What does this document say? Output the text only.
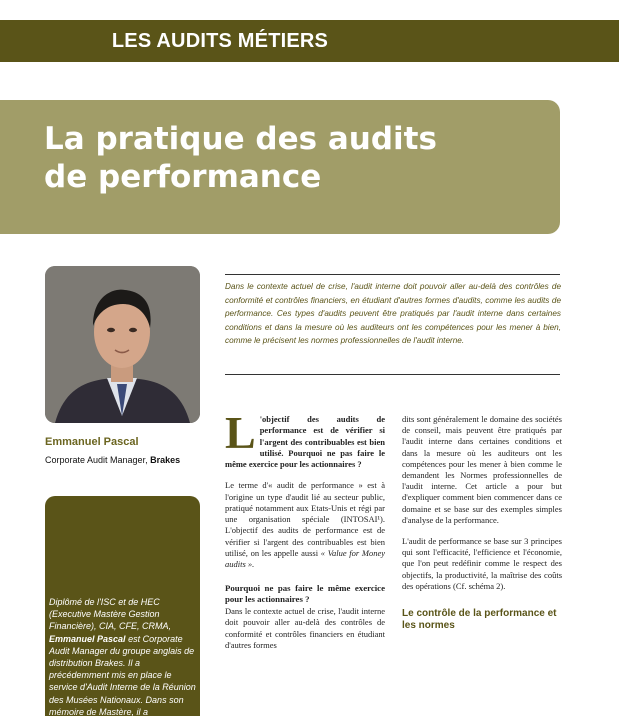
LES AUDITS MÉTIERS
La pratique des audits
de performance
Emmanuel Pascal
Corporate Audit Manager, Brakes
Diplômé de l'ISC et de HEC (Executive Mastère Gestion Financière), CIA, CFE, CRMA, Emmanuel Pascal est Corporate Audit Manager du groupe anglais de distribution Brakes. Il a précédemment mis en place le service d'Audit Interne de la Réunion des Musées Nationaux. Dans son mémoire de Mastère, il a
Dans le contexte actuel de crise, l'audit interne doit pouvoir aller au-delà des contrôles de conformité et contrôles financiers, en étudiant d'autres formes d'audits, comme les audits de performance. Ces types d'audits peuvent être pratiqués par l'audit interne dans certaines conditions et dans la mesure où les auditeurs ont les compétences pour les mener à bien, comme le précisent les normes professionnelles de l'audit interne.

L 'objectif des audits de performance est de vérifier si l'argent des contribuables est bien utilisé. Pourquoi ne pas faire le même exercice pour les actionnaires ?

Le terme d'« audit de performance » est à l'origine un type d'audit lié au secteur public, pratiqué notamment aux Etats-Unis et régi par une organisation spéciale (INTOSAI¹). L'objectif des audits de performance est de vérifier si l'argent des contribuables est bien utilisé, on les appelle aussi « Value for Money audits ».

Pourquoi ne pas faire le même exercice pour les actionnaires ?

Dans le contexte actuel de crise, l'audit interne doit pouvoir aller au-delà des contrôles de conformité et contrôles financiers en étudiant d'autres formes

dits sont généralement le domaine des sociétés de conseil, mais peuvent être pratiqués par l'audit interne dans certaines conditions et dans la mesure où les auditeurs ont les compétences pour les mener à bien comme le demandent les Normes professionnelles de l'audit interne. Cet article a pour but d'expliquer comment bien commencer dans ce domaine et se base sur des exemples simples d'analyse de la performance.

L'audit de performance se base sur 3 principes qui sont l'efficacité, l'efficience et l'économie, que l'on peut redéfinir comme le respect des objectifs, la productivité, la maîtrise des coûts des opérations (Cf. schéma 2).

Le contrôle de la performance et les normes
